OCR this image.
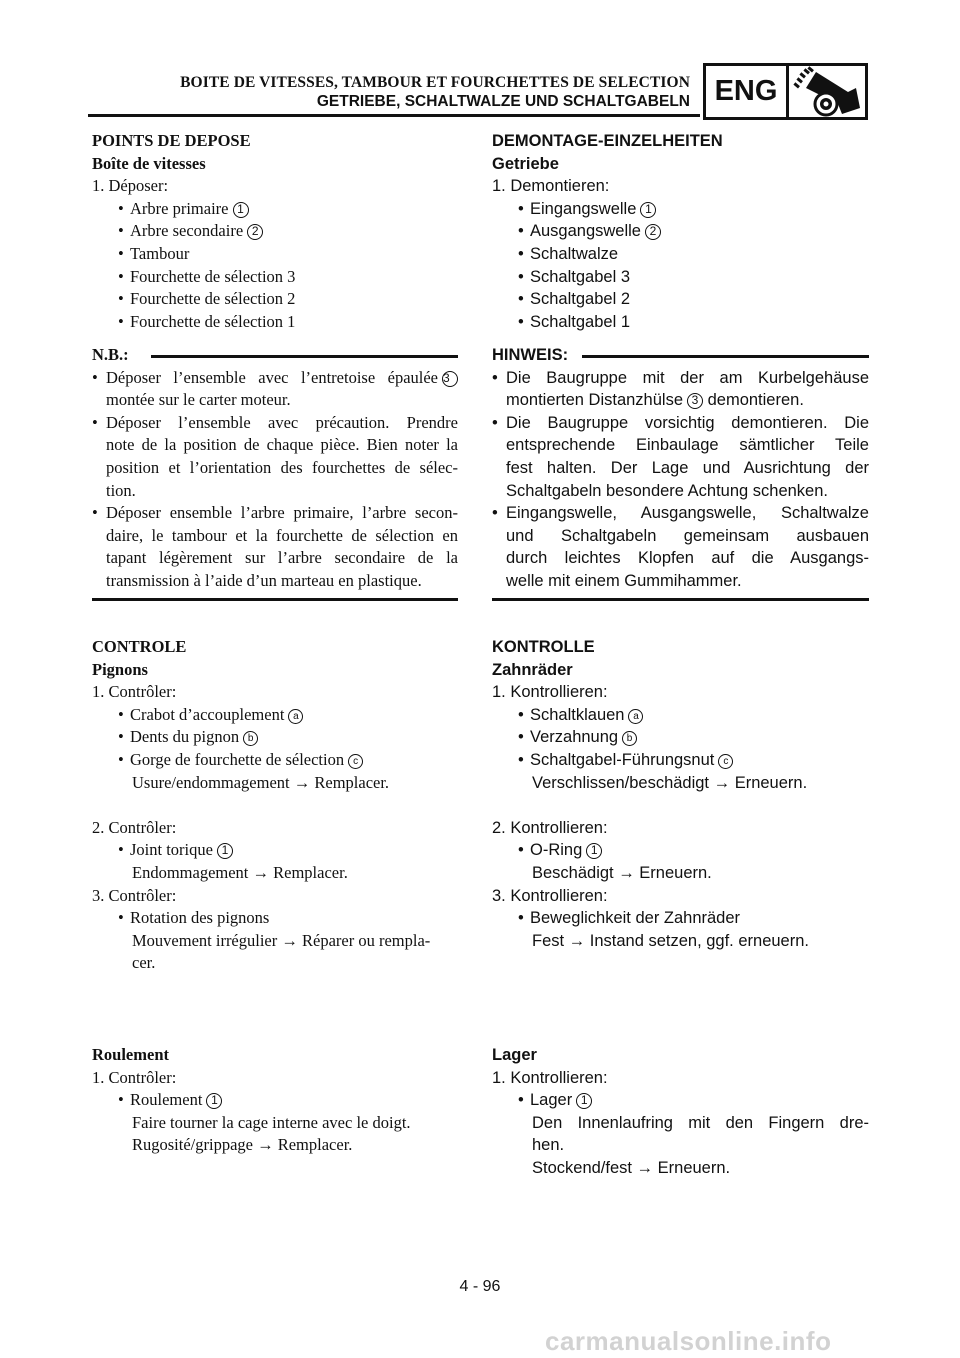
BOITE DE VITESSES, TAMBOUR ET FOURCHETTES DE SELECTION
GETRIEBE, SCHALTWALZE UND SCHALTGABELN ENG
POINTS DE DEPOSE
Boîte de vitesses
1. Déposer:
• Arbre primaire 1
• Arbre secondaire 2
• Tambour
• Fourchette de sélection 3
• Fourchette de sélection 2
• Fourchette de sélection 1
N.B.:
• Déposer l’ensemble avec l’entretoise épaulée 3
montée sur le carter moteur.
• Déposer l’ensemble avec précaution. Prendre
note de la position de chaque pièce. Bien noter la
position et l’orientation des fourchettes de sélec-
tion.
• Déposer ensemble l’arbre primaire, l’arbre secon-
daire, le tambour et la fourchette de sélection en
tapant légèrement sur l’arbre secondaire de la
transmission à l’aide d’un marteau en plastique.
CONTROLE
Pignons
1. Contrôler:
• Crabot d’accouplement a
• Dents du pignon b
• Gorge de fourchette de sélection c
Usure/endommagement → Remplacer.

2. Contrôler:
• Joint torique 1
Endommagement → Remplacer.
3. Contrôler:
• Rotation des pignons
Mouvement irrégulier → Réparer ou rempla-
cer.
Roulement
1. Contrôler:
• Roulement 1
Faire tourner la cage interne avec le doigt.
Rugosité/grippage → Remplacer.
DEMONTAGE-EINZELHEITEN
Getriebe
1. Demontieren:
• Eingangswelle 1
• Ausgangswelle 2
• Schaltwalze
• Schaltgabel 3
• Schaltgabel 2
• Schaltgabel 1
HINWEIS:
• Die Baugruppe mit der am Kurbelgehäuse
montierten Distanzhülse 3 demontieren.
• Die Baugruppe vorsichtig demontieren. Die
entsprechende Einbaulage sämtlicher Teile
fest halten. Der Lage und Ausrichtung der
Schaltgabeln besondere Achtung schenken.
• Eingangswelle, Ausgangswelle, Schaltwalze
und Schaltgabeln gemeinsam ausbauen
durch leichtes Klopfen auf die Ausgangs-
welle mit einem Gummihammer.
KONTROLLE
Zahnräder
1. Kontrollieren:
• Schaltklauen a
• Verzahnung b
• Schaltgabel-Führungsnut c
Verschlissen/beschädigt → Erneuern.

2. Kontrollieren:
• O-Ring 1
Beschädigt → Erneuern.
3. Kontrollieren:
• Beweglichkeit der Zahnräder
Fest → Instand setzen, ggf. erneuern.
Lager
1. Kontrollieren:
• Lager 1
Den Innenlaufring mit den Fingern dre-
hen.
Stockend/fest → Erneuern.
4 - 96
carmanualsonline.info
